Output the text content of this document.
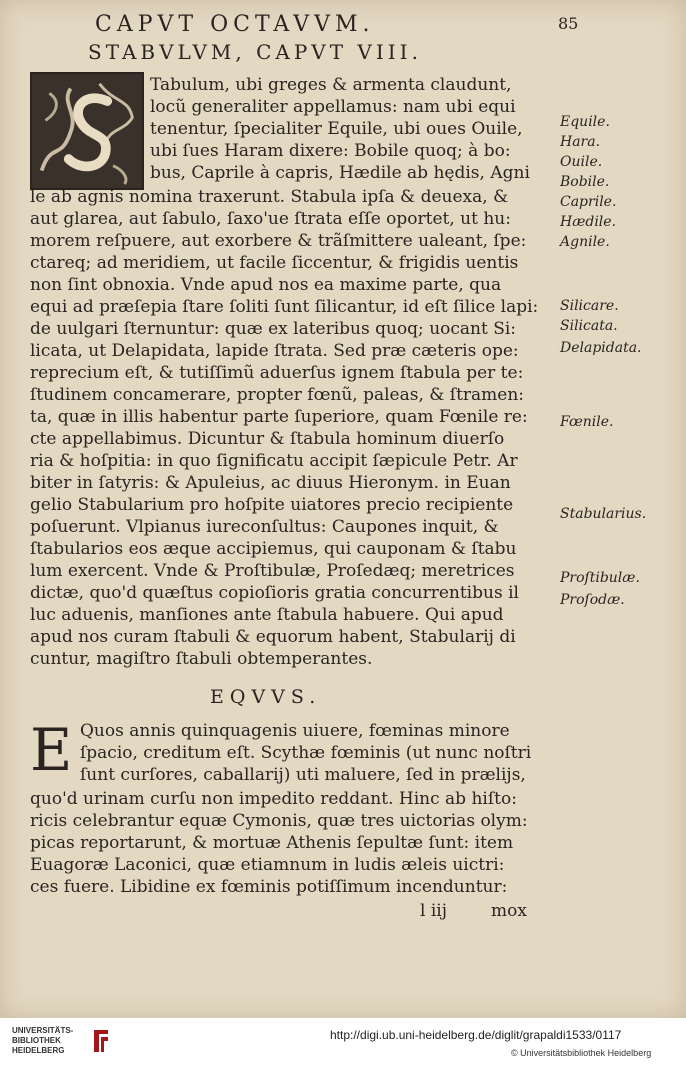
CAPVT OCTAVVM.	85
STABVLVM, CAPVT VIII.
Tabulum, ubi greges & armenta claudunt,
locũ generaliter appellamus: nam ubi equi
tenentur, ſpecialiter Equile, ubi oues Ouile,
ubi ſues Haram dixere: Bobile quoq; à bo:
bus, Caprile à capris, Hædile ab hędis, Agni
le ab agnis nomina traxerunt. Stabula ipſa & deuexa, &
aut glarea, aut ſabulo, ſaxo'ue ſtrata eſſe oportet, ut hu:
morem reſpuere, aut exorbere & trãſmittere ualeant, ſpe:
ctareq; ad meridiem, ut facile ſiccentur, & frigidis uentis
non ſint obnoxia. Vnde apud nos ea maxime parte, qua
equi ad præſepia ſtare ſoliti ſunt ſilicantur, id eſt ſilice lapi:
de uulgari ſternuntur: quæ ex lateribus quoq; uocant Si:
licata, ut Delapidata, lapide ſtrata. Sed præ cæteris ope:
reprecium eſt, & tutiſſimũ aduerſus ignem ſtabula per te:
ſtudinem concamerare, propter fœnũ, paleas, & ſtramen:
ta, quæ in illis habentur parte ſuperiore, quam Fœnile re:
cte appellabimus. Dicuntur & ſtabula hominum diuerſo
ria & hoſpitia: in quo ſignificatu accipit ſæpicule Petr. Ar
biter in ſatyris: & Apuleius, ac diuus Hieronym. in Euan
gelio Stabularium pro hoſpite uiatores precio recipiente
poſuerunt. Vlpianus iureconſultus: Caupones inquit, &
ſtabularios eos æque accipiemus, qui cauponam & ſtabu
lum exercent. Vnde & Proſtibulæ, Proſedæq; meretrices
dictæ, quo'd quæſtus copioſioris gratia concurrentibus il
luc aduenis, manſiones ante ſtabula habuere. Qui apud
apud nos curam ſtabuli & equorum habent, Stabularij di
cuntur, magiſtro ſtabuli obtemperantes.
EQVVS.
E Quos annis quinquagenis uiuere, fœminas minore
ſpacio, creditum eſt. Scythæ fœminis (ut nunc noſtri
ſunt curſores, caballarij) uti maluere, ſed in prælijs,
quo'd urinam curſu non impedito reddant. Hinc ab hiſto:
ricis celebrantur equæ Cymonis, quæ tres uictorias olym:
picas reportarunt, & mortuæ Athenis ſepultæ ſunt: item
Euagoræ Laconici, quæ etiamnum in ludis æleis uictri:
ces fuere. Libidine ex fœminis potiſſimum incenduntur:
l iij	mox
Equile.
Hara.
Ouile.
Bobile.
Caprile.
Hædile.
Agnile.
Silicare.
Silicata.
Delapidata.
Fœnile.
Stabularius.
Proſtibulæ.
Proſodæ.
UNIVERSITÄTS-
BIBLIOTHEK
HEIDELBERG
http://digi.ub.uni-heidelberg.de/diglit/grapaldi1533/0117
© Universitätsbibliothek Heidelberg
